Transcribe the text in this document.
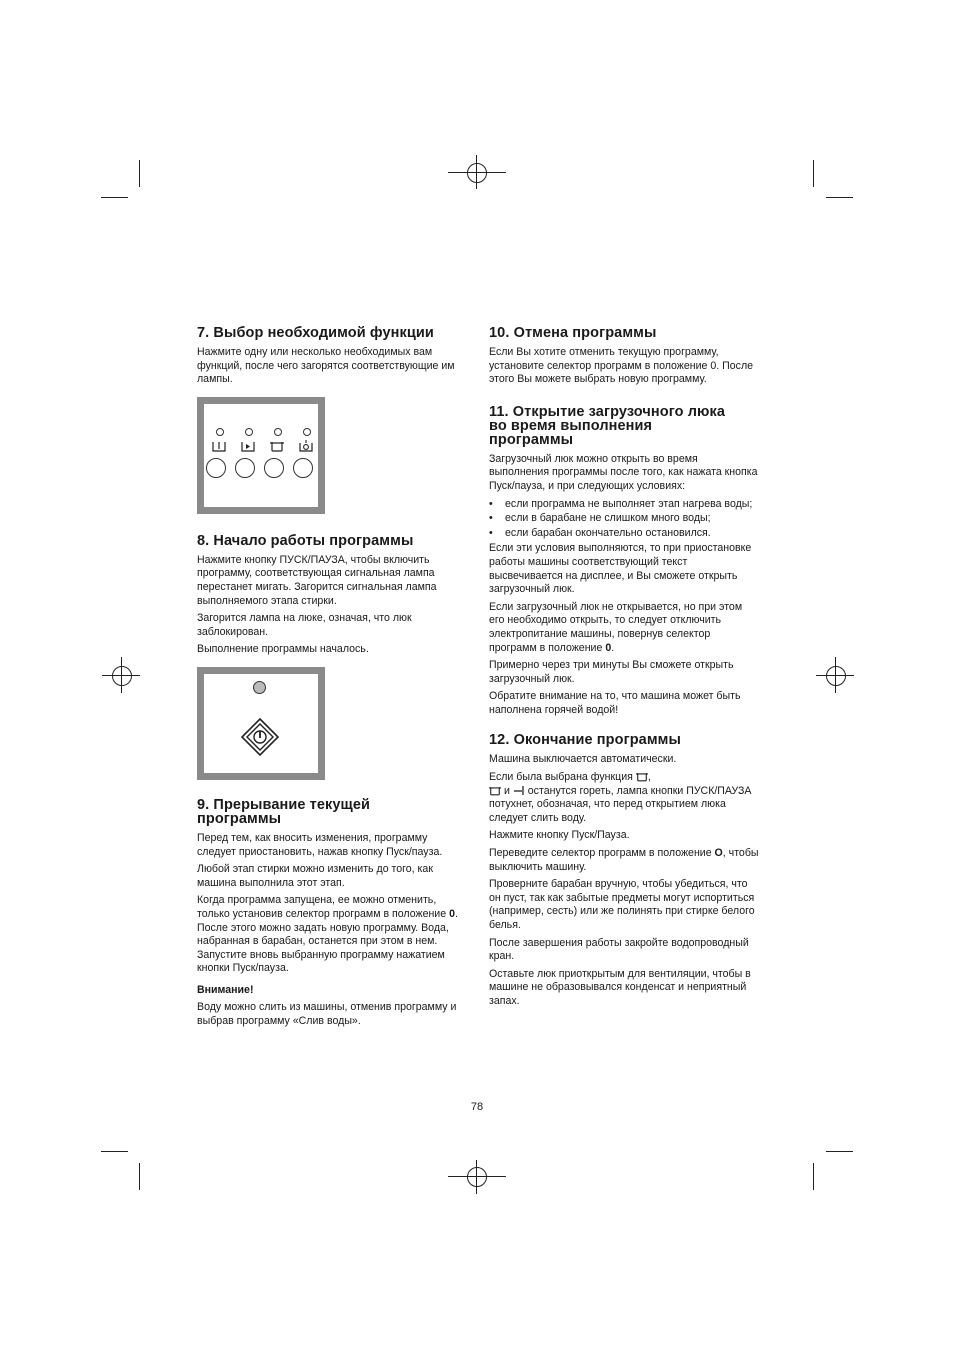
7. Выбор необходимой функции

Нажмите одну или несколько необходимых вам функций, после чего загорятся соответствующие им лампы.

8. Начало работы программы

Нажмите кнопку ПУСК/ПАУЗА, чтобы включить программу, соответствующая сигнальная лампа перестанет мигать. Загорится сигнальная лампа выполняемого этапа стирки.

Загорится лампа на люке, означая, что люк заблокирован.

Выполнение программы началось.

9. Прерывание текущей программы

Перед тем, как вносить изменения, программу следует приостановить, нажав кнопку Пуск/пауза.

Любой этап стирки можно изменить до того, как машина выполнила этот этап.

Когда программа запущена, ее можно отменить, только установив селектор программ в положение 0. После этого можно задать новую программу. Вода, набранная в барабан, останется при этом в нем. Запустите вновь выбранную программу нажатием кнопки Пуск/пауза.

Внимание!

Воду можно слить из машины, отменив программу и выбрав программу «Слив воды».

10. Отмена программы

Если Вы хотите отменить текущую программу, установите селектор программ в положение 0. После этого Вы можете выбрать новую программу.

11. Открытие загрузочного люка во время выполнения программы

Загрузочный люк можно открыть во время выполнения программы после того, как нажата кнопка Пуск/пауза, и при следующих условиях:

• если программа не выполняет этап нагрева воды;
• если в барабане не слишком много воды;
• если барабан окончательно остановился.

Если эти условия выполняются, то при приостановке работы машины соответствующий текст высвечивается на дисплее, и Вы сможете открыть загрузочный люк.

Если загрузочный люк не открывается, но при этом его необходимо открыть, то следует отключить электропитание машины, повернув селектор программ в положение 0.

Примерно через три минуты Вы сможете открыть загрузочный люк.

Обратите внимание на то, что машина может быть наполнена горячей водой!

12. Окончание программы

Машина выключается автоматически.

Если была выбрана функция ,
и останутся гореть, лампа кнопки ПУСК/ПАУЗА потухнет, обозначая, что перед открытием люка следует слить воду.

Нажмите кнопку Пуск/Пауза.

Переведите селектор программ в положение O, чтобы выключить машину.

Проверните барабан вручную, чтобы убедиться, что он пуст, так как забытые предметы могут испортиться (например, сесть) или же полинять при стирке белого белья.

После завершения работы закройте водопроводный кран.

Оставьте люк приоткрытым для вентиляции, чтобы в машине не образовывался конденсат и неприятный запах.

78
